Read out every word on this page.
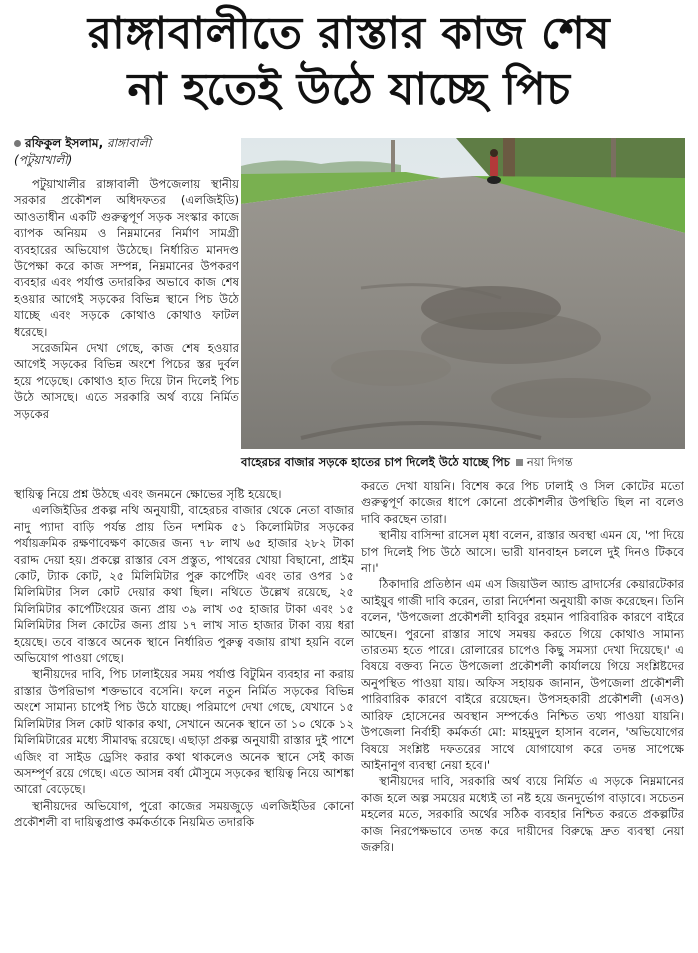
রাঙ্গাবালীতে রাস্তার কাজ শেষ
না হতেই উঠে যাচ্ছে পিচ
রফিকুল ইসলাম, রাঙ্গাবালী
(পটুয়াখালী)

পটুয়াখালীর রাঙ্গাবালী উপজেলায় স্থানীয় সরকার প্রকৌশল অধিদফতর (এলজিইডি) আওতাধীন একটি গুরুত্বপূর্ণ সড়ক সংস্কার কাজে ব্যাপক অনিয়ম ও নিম্নমানের নির্মাণ সামগ্রী ব্যবহারের অভিযোগ উঠেছে। নির্ধারিত মানদণ্ড উপেক্ষা করে কাজ সম্পন্ন, নিম্নমানের উপকরণ ব্যবহার এবং পর্যাপ্ত তদারকির অভাবে কাজ শেষ হওয়ার আগেই সড়কের বিভিন্ন স্থানে পিচ উঠে যাচ্ছে এবং সড়কে কোথাও কোথাও ফাটল ধরেছে।

সরেজমিন দেখা গেছে, কাজ শেষ হওয়ার আগেই সড়কের বিভিন্ন অংশে পিচের স্তর দুর্বল হয়ে পড়েছে। কোথাও হাত দিয়ে টান দিলেই পিচ উঠে আসছে। এতে সরকারি অর্থ ব্যয়ে নির্মিত সড়কের

বাহেরচর বাজার সড়কে হাতের চাপ দিলেই উঠে যাচ্ছে পিচ নয়া দিগন্ত

স্থায়িত্ব নিয়ে প্রশ্ন উঠছে এবং জনমনে ক্ষোভের সৃষ্টি হয়েছে।

এলজিইডির প্রকল্প নথি অনুযায়ী, বাহেরচর বাজার থেকে নেতা বাজার নাদু প্যাদা বাড়ি পর্যন্ত প্রায় তিন দশমিক ৫১ কিলোমিটার সড়কের পর্যায়ক্রমিক রক্ষণাবেক্ষণ কাজের জন্য ৭৮ লাখ ৬৫ হাজার ২৮২ টাকা বরাদ্দ দেয়া হয়। প্রকল্পে রাস্তার বেস প্রস্তুত, পাথরের খোয়া বিছানো, প্রাইম কোট, ট্যাক কোট, ২৫ মিলিমিটার পুরু কার্পেটিং এবং তার ওপর ১৫ মিলিমিটার সিল কোট দেয়ার কথা ছিল। নথিতে উল্লেখ রয়েছে, ২৫ মিলিমিটার কার্পেটিংয়ের জন্য প্রায় ৩৯ লাখ ৩৫ হাজার টাকা এবং ১৫ মিলিমিটার সিল কোটের জন্য প্রায় ১৭ লাখ সাত হাজার টাকা ব্যয় ধরা হয়েছে। তবে বাস্তবে অনেক স্থানে নির্ধারিত পুরুত্ব বজায় রাখা হয়নি বলে অভিযোগ পাওয়া গেছে।

স্থানীয়দের দাবি, পিচ ঢালাইয়ের সময় পর্যাপ্ত বিটুমিন ব্যবহার না করায় রাস্তার উপরিভাগ শক্তভাবে বসেনি। ফলে নতুন নির্মিত সড়কের বিভিন্ন অংশে সামান্য চাপেই পিচ উঠে যাচ্ছে। পরিমাপে দেখা গেছে, যেখানে ১৫ মিলিমিটার সিল কোট থাকার কথা, সেখানে অনেক স্থানে তা ১০ থেকে ১২ মিলিমিটারের মধ্যে সীমাবদ্ধ রয়েছে। এছাড়া প্রকল্প অনুযায়ী রাস্তার দুই পাশে এজিং বা সাইড ড্রেসিং করার কথা থাকলেও অনেক স্থানে সেই কাজ অসম্পূর্ণ রয়ে গেছে। এতে আসন্ন বর্ষা মৌসুমে সড়কের স্থায়িত্ব নিয়ে আশঙ্কা আরো বেড়েছে।

স্থানীয়দের অভিযোগ, পুরো কাজের সময়জুড়ে এলজিইডির কোনো প্রকৌশলী বা দায়িত্বপ্রাপ্ত কর্মকর্তাকে নিয়মিত তদারকি

করতে দেখা যায়নি। বিশেষ করে পিচ ঢালাই ও সিল কোটের মতো গুরুত্বপূর্ণ কাজের ধাপে কোনো প্রকৌশলীর উপস্থিতি ছিল না বলেও দাবি করছেন তারা।

স্থানীয় বাসিন্দা রাসেল মৃধা বলেন, রাস্তার অবস্থা এমন যে, 'পা দিয়ে চাপ দিলেই পিচ উঠে আসে। ভারী যানবাহন চললে দুই দিনও টিকবে না।'

ঠিকাদারি প্রতিষ্ঠান এম এস জিয়াউল অ্যান্ড ব্রাদার্সের কেয়ারটেকার আইয়ুব গাজী দাবি করেন, তারা নির্দেশনা অনুযায়ী কাজ করেছেন। তিনি বলেন, 'উপজেলা প্রকৌশলী হাবিবুর রহমান পারিবারিক কারণে বাইরে আছেন। পুরনো রাস্তার সাথে সমন্বয় করতে গিয়ে কোথাও সামান্য তারতম্য হতে পারে। রোলারের চাপেও কিছু সমস্যা দেখা দিয়েছে।' এ বিষয়ে বক্তব্য নিতে উপজেলা প্রকৌশলী কার্যালয়ে গিয়ে সংশ্লিষ্টদের অনুপস্থিত পাওয়া যায়। অফিস সহায়ক জানান, উপজেলা প্রকৌশলী পারিবারিক কারণে বাইরে রয়েছেন। উপসহকারী প্রকৌশলী (এসও) আরিফ হোসেনের অবস্থান সম্পর্কেও নিশ্চিত তথ্য পাওয়া যায়নি। উপজেলা নির্বাহী কর্মকর্তা মো: মাহমুদুল হাসান বলেন, 'অভিযোগের বিষয়ে সংশ্লিষ্ট দফতরের সাথে যোগাযোগ করে তদন্ত সাপেক্ষে আইনানুগ ব্যবস্থা নেয়া হবে।'

স্থানীয়দের দাবি, সরকারি অর্থ ব্যয়ে নির্মিত এ সড়কে নিম্নমানের কাজ হলে অল্প সময়ের মধ্যেই তা নষ্ট হয়ে জনদুর্ভোগ বাড়াবে। সচেতন মহলের মতে, সরকারি অর্থের সঠিক ব্যবহার নিশ্চিত করতে প্রকল্পটির কাজ নিরপেক্ষভাবে তদন্ত করে দায়ীদের বিরুদ্ধে দ্রুত ব্যবস্থা নেয়া জরুরি।
